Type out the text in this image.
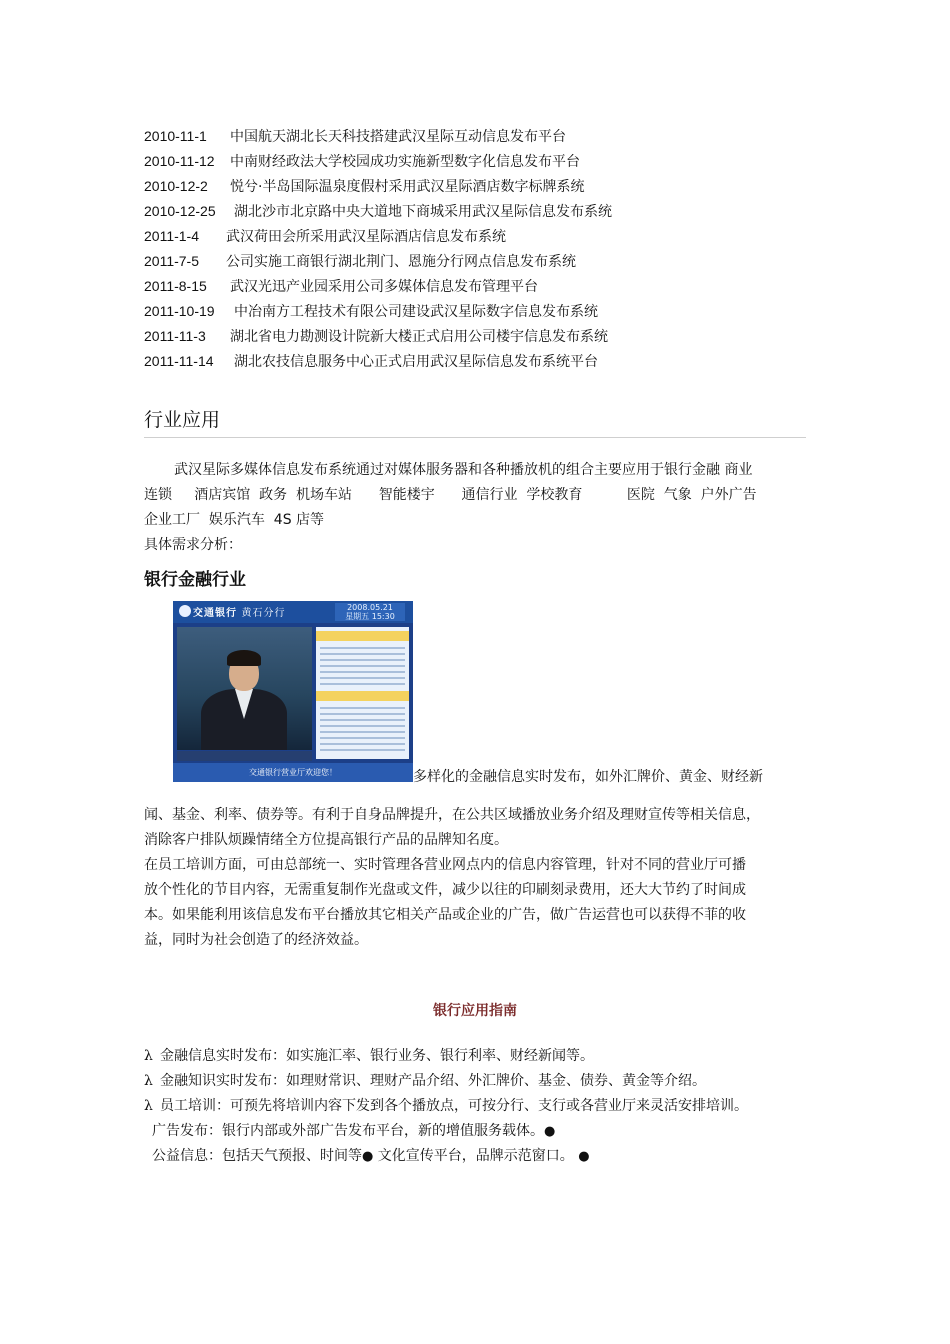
2010-11-1 中国航天湖北长天科技搭建武汉星际互动信息发布平台
2010-11-12 中南财经政法大学校园成功实施新型数字化信息发布平台
2010-12-2 悦兮·半岛国际温泉度假村采用武汉星际酒店数字标牌系统
2010-12-25 湖北沙市北京路中央大道地下商城采用武汉星际信息发布系统
2011-1-4 武汉荷田会所采用武汉星际酒店信息发布系统
2011-7-5 公司实施工商银行湖北荆门、恩施分行网点信息发布系统
2011-8-15 武汉光迅产业园采用公司多媒体信息发布管理平台
2011-10-19 中冶南方工程技术有限公司建设武汉星际数字信息发布系统
2011-11-3 湖北省电力勘测设计院新大楼正式启用公司楼宇信息发布系统
2011-11-14 湖北农技信息服务中心正式启用武汉星际信息发布系统平台
行业应用
武汉星际多媒体信息发布系统通过对媒体服务器和各种播放机的组合主要应用于银行金融 商业
连锁     酒店宾馆  政务  机场车站      智能楼宇      通信行业  学校教育          医院  气象  户外广告
企业工厂  娱乐汽车  4S 店等
具体需求分析：
银行金融行业
交通银行 黄石分行
2008.05.21
星期五 15:30
交通银行营业厅欢迎您！	多样化的金融信息实时发布，如外汇牌价、黄金、财经新
闻、基金、利率、债券等。有利于自身品牌提升，在公共区域播放业务介绍及理财宣传等相关信息，
消除客户排队烦躁情绪全方位提高银行产品的品牌知名度。
在员工培训方面，可由总部统一、实时管理各营业网点内的信息内容管理，针对不同的营业厅可播
放个性化的节目内容，无需重复制作光盘或文件，减少以往的印刷刻录费用，还大大节约了时间成
本。如果能利用该信息发布平台播放其它相关产品或企业的广告，做广告运营也可以获得不菲的收
益，同时为社会创造了的经济效益。
银行应用指南
λ 金融信息实时发布：如实施汇率、银行业务、银行利率、财经新闻等。
λ 金融知识实时发布：如理财常识、理财产品介绍、外汇牌价、基金、债券、黄金等介绍。
λ 员工培训：可预先将培训内容下发到各个播放点，可按分行、支行或各营业厅来灵活安排培训。
广告发布：银行内部或外部广告发布平台，新的增值服务载体。●
公益信息：包括天气预报、时间等● 文化宣传平台，品牌示范窗口。 ●
